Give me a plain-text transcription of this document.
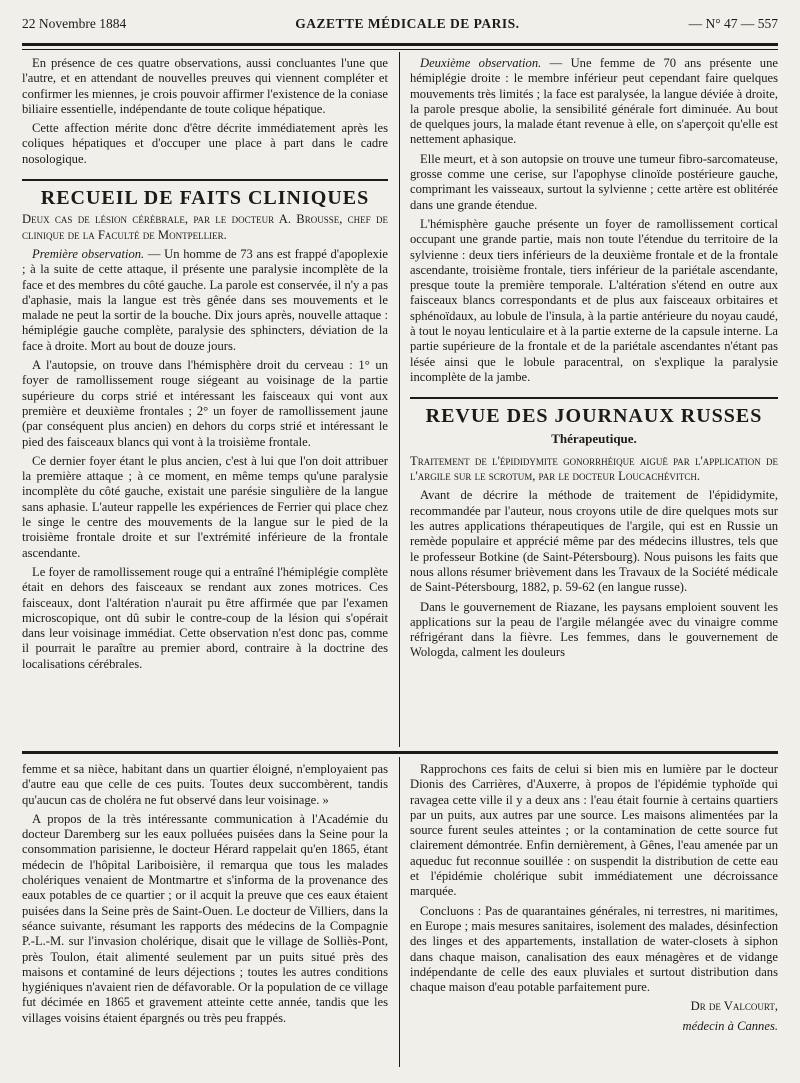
22 Novembre 1884	GAZETTE MÉDICALE DE PARIS.	— N° 47 — 557

En présence de ces quatre observations, aussi concluantes l'une que l'autre, et en attendant de nouvelles preuves qui viennent compléter et confirmer les miennes, je crois pouvoir affirmer l'existence de la coniase biliaire essentielle, indépendante de toute colique hépatique.

Cette affection mérite donc d'être décrite immédiatement après les coliques hépatiques et d'occuper une place à part dans le cadre nosologique.

RECUEIL DE FAITS CLINIQUES

Deux cas de lésion cérébrale, par le docteur A. Brousse, chef de clinique de la Faculté de Montpellier.

Première observation. — Un homme de 73 ans est frappé d'apoplexie ; à la suite de cette attaque, il présente une paralysie incomplète de la face et des membres du côté gauche. La parole est conservée, il n'y a pas d'aphasie, mais la langue est très gênée dans ses mouvements et le malade ne peut la sortir de la bouche. Dix jours après, nouvelle attaque : hémiplégie gauche complète, paralysie des sphincters, déviation de la face à droite. Mort au bout de douze jours.

A l'autopsie, on trouve dans l'hémisphère droit du cerveau : 1° un foyer de ramollissement rouge siégeant au voisinage de la partie supérieure du corps strié et intéressant les faisceaux qui vont aux première et deuxième frontales ; 2° un foyer de ramollissement jaune (par conséquent plus ancien) en dehors du corps strié et intéressant le pied des faisceaux blancs qui vont à la troisième frontale.

Ce dernier foyer étant le plus ancien, c'est à lui que l'on doit attribuer la première attaque ; à ce moment, en même temps qu'une paralysie incomplète du côté gauche, existait une parésie singulière de la langue sans aphasie. L'auteur rappelle les expériences de Ferrier qui place chez le singe le centre des mouvements de la langue sur le pied de la troisième frontale droite et sur l'extrémité inférieure de la frontale ascendante.

Le foyer de ramollissement rouge qui a entraîné l'hémiplégie complète était en dehors des faisceaux se rendant aux zones motrices. Ces faisceaux, dont l'altération n'aurait pu être affirmée que par l'examen microscopique, ont dû subir le contre-coup de la lésion qui s'opérait dans leur voisinage immédiat. Cette observation n'est donc pas, comme il pourrait le paraître au premier abord, contraire à la doctrine des localisations cérébrales.

Deuxième observation. — Une femme de 70 ans présente une hémiplégie droite : le membre inférieur peut cependant faire quelques mouvements très limités ; la face est paralysée, la langue déviée à droite, la parole presque abolie, la sensibilité générale fort diminuée. Au bout de quelques jours, la malade étant revenue à elle, on s'aperçoit qu'elle est nettement aphasique.

Elle meurt, et à son autopsie on trouve une tumeur fibro-sarcomateuse, grosse comme une cerise, sur l'apophyse clinoïde postérieure gauche, comprimant les vaisseaux, surtout la sylvienne ; cette artère est oblitérée dans une grande étendue.

L'hémisphère gauche présente un foyer de ramollissement cortical occupant une grande partie, mais non toute l'étendue du territoire de la sylvienne : deux tiers inférieurs de la deuxième frontale et de la frontale ascendante, troisième frontale, tiers inférieur de la pariétale ascendante, presque toute la première temporale. L'altération s'étend en outre aux faisceaux blancs correspondants et de plus aux faisceaux orbitaires et sphénoïdaux, au lobule de l'insula, à la partie antérieure du noyau caudé, à tout le noyau lenticulaire et à la partie externe de la capsule interne. La partie supérieure de la frontale et de la pariétale ascendantes n'étant pas lésée ainsi que le lobule paracentral, on s'explique la paralysie incomplète de la jambe.

REVUE DES JOURNAUX RUSSES
Thérapeutique.

Traitement de l'épididymite gonorrhéique aiguë par l'application de l'argile sur le scrotum, par le docteur Loucachévitch.

Avant de décrire la méthode de traitement de l'épididymite, recommandée par l'auteur, nous croyons utile de dire quelques mots sur les autres applications thérapeutiques de l'argile, qui est en Russie un remède populaire et apprécié même par des médecins illustres, tels que le professeur Botkine (de Saint-Pétersbourg). Nous puisons les faits que nous allons résumer brièvement dans les Travaux de la Société médicale de Saint-Pétersbourg, 1882, p. 59-62 (en langue russe).

Dans le gouvernement de Riazane, les paysans emploient souvent les applications sur la peau de l'argile mélangée avec du vinaigre comme réfrigérant dans la fièvre. Les femmes, dans le gouvernement de Wologda, calment les douleurs

femme et sa nièce, habitant dans un quartier éloigné, n'employaient pas d'autre eau que celle de ces puits. Toutes deux succombèrent, tandis qu'aucun cas de choléra ne fut observé dans leur voisinage. »

A propos de la très intéressante communication à l'Académie du docteur Daremberg sur les eaux polluées puisées dans la Seine pour la consommation parisienne, le docteur Hérard rappelait qu'en 1865, étant médecin de l'hôpital Lariboisière, il remarqua que tous les malades cholériques venaient de Montmartre et s'informa de la provenance des eaux potables de ce quartier ; or il acquit la preuve que ces eaux étaient puisées dans la Seine près de Saint-Ouen. Le docteur de Villiers, dans la séance suivante, résumant les rapports des médecins de la Compagnie P.-L.-M. sur l'invasion cholérique, disait que le village de Solliès-Pont, près Toulon, était alimenté seulement par un puits situé près des maisons et contaminé de leurs déjections ; toutes les autres conditions hygiéniques n'avaient rien de défavorable. Or la population de ce village fut décimée en 1865 et gravement atteinte cette année, tandis que les villages voisins étaient épargnés ou très peu frappés.

Rapprochons ces faits de celui si bien mis en lumière par le docteur Dionis des Carrières, d'Auxerre, à propos de l'épidémie typhoïde qui ravagea cette ville il y a deux ans : l'eau était fournie à certains quartiers par un puits, aux autres par une source. Les maisons alimentées par la source furent seules atteintes ; or la contamination de cette source fut clairement démontrée. Enfin dernièrement, à Gênes, l'eau amenée par un aqueduc fut reconnue souillée : on suspendit la distribution de cette eau et l'épidémie cholérique subit immédiatement une décroissance marquée.

Concluons : Pas de quarantaines générales, ni terrestres, ni maritimes, en Europe ; mais mesures sanitaires, isolement des malades, désinfection des linges et des appartements, installation de water-closets à siphon dans chaque maison, canalisation des eaux ménagères et de vidange indépendante de celle des eaux pluviales et surtout distribution dans chaque maison d'eau potable parfaitement pure.

Dr de Valcourt,

médecin à Cannes.
